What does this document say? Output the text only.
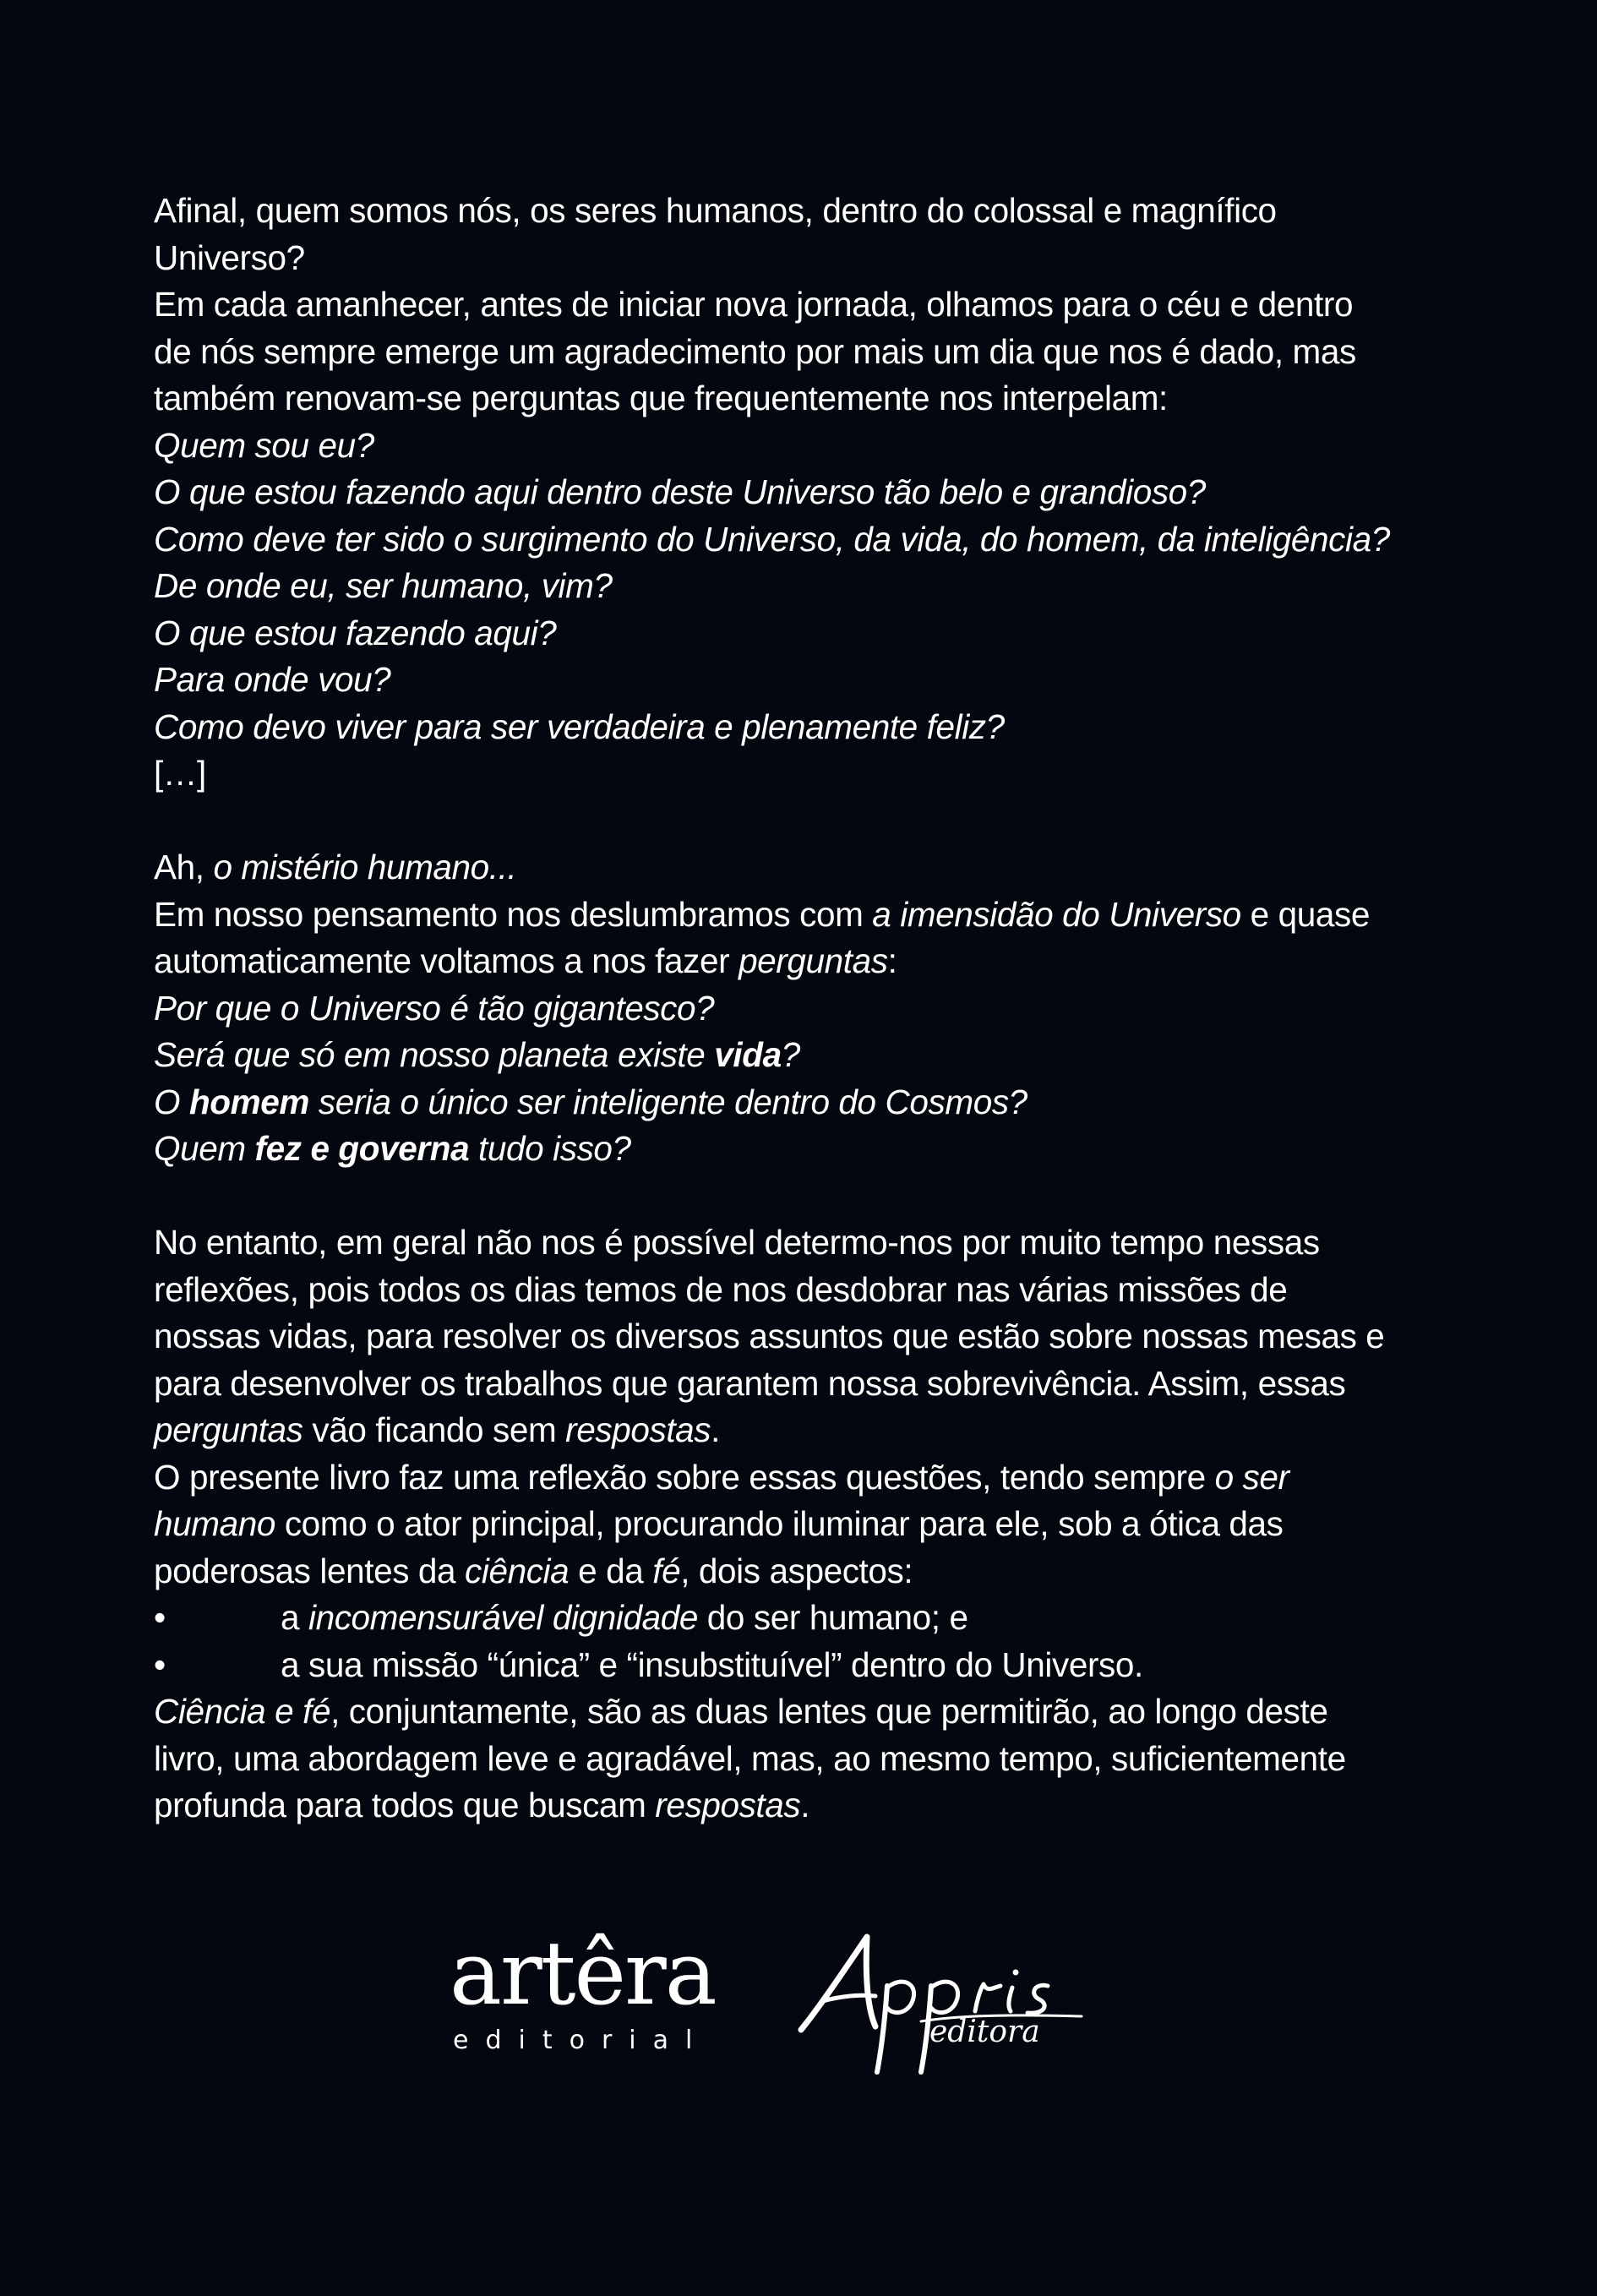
Afinal, quem somos nós, os seres humanos, dentro do colossal e magnífico

Universo?

Em cada amanhecer, antes de iniciar nova jornada, olhamos para o céu e dentro

de nós sempre emerge um agradecimento por mais um dia que nos é dado, mas

também renovam-se perguntas que frequentemente nos interpelam:

Quem sou eu?

O que estou fazendo aqui dentro deste Universo tão belo e grandioso?

Como deve ter sido o surgimento do Universo, da vida, do homem, da inteligência?

De onde eu, ser humano, vim?

O que estou fazendo aqui?

Para onde vou?

Como devo viver para ser verdadeira e plenamente feliz?

[…]

Ah, o mistério humano...

Em nosso pensamento nos deslumbramos com a imensidão do Universo e quase

automaticamente voltamos a nos fazer perguntas:

Por que o Universo é tão gigantesco?

Será que só em nosso planeta existe vida?

O homem seria o único ser inteligente dentro do Cosmos?

Quem fez e governa tudo isso?

No entanto, em geral não nos é possível determo-nos por muito tempo nessas

reflexões, pois todos os dias temos de nos desdobrar nas várias missões de

nossas vidas, para resolver os diversos assuntos que estão sobre nossas mesas e

para desenvolver os trabalhos que garantem nossa sobrevivência. Assim, essas

perguntas vão ficando sem respostas.

O presente livro faz uma reflexão sobre essas questões, tendo sempre o ser

humano como o ator principal, procurando iluminar para ele, sob a ótica das

poderosas lentes da ciência e da fé, dois aspectos:

•	a incomensurável dignidade do ser humano; e

•	a sua missão “única” e “insubstituível” dentro do Universo.

Ciência e fé, conjuntamente, são as duas lentes que permitirão, ao longo deste

livro, uma abordagem leve e agradável, mas, ao mesmo tempo, suficientemente

profunda para todos que buscam respostas.

artêra
editorial	editora
